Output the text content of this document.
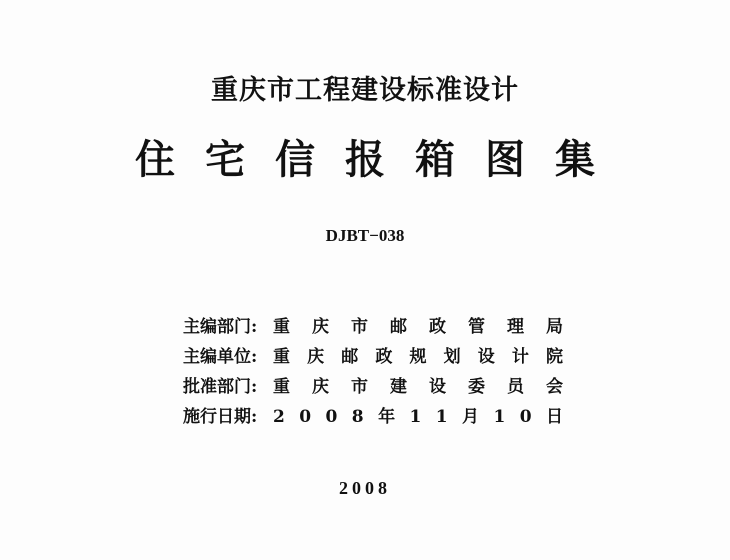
重庆市工程建设标准设计
住宅信报箱图集
DJBT−038
主编部门: 重 庆 市 邮 政 管 理 局
主编单位: 重 庆 邮 政 规 划 设 计 院
批准部门: 重 庆 市 建 设 委 员 会
施行日期: 2 0 0 8 年 1 1 月 1 0 日
2008
